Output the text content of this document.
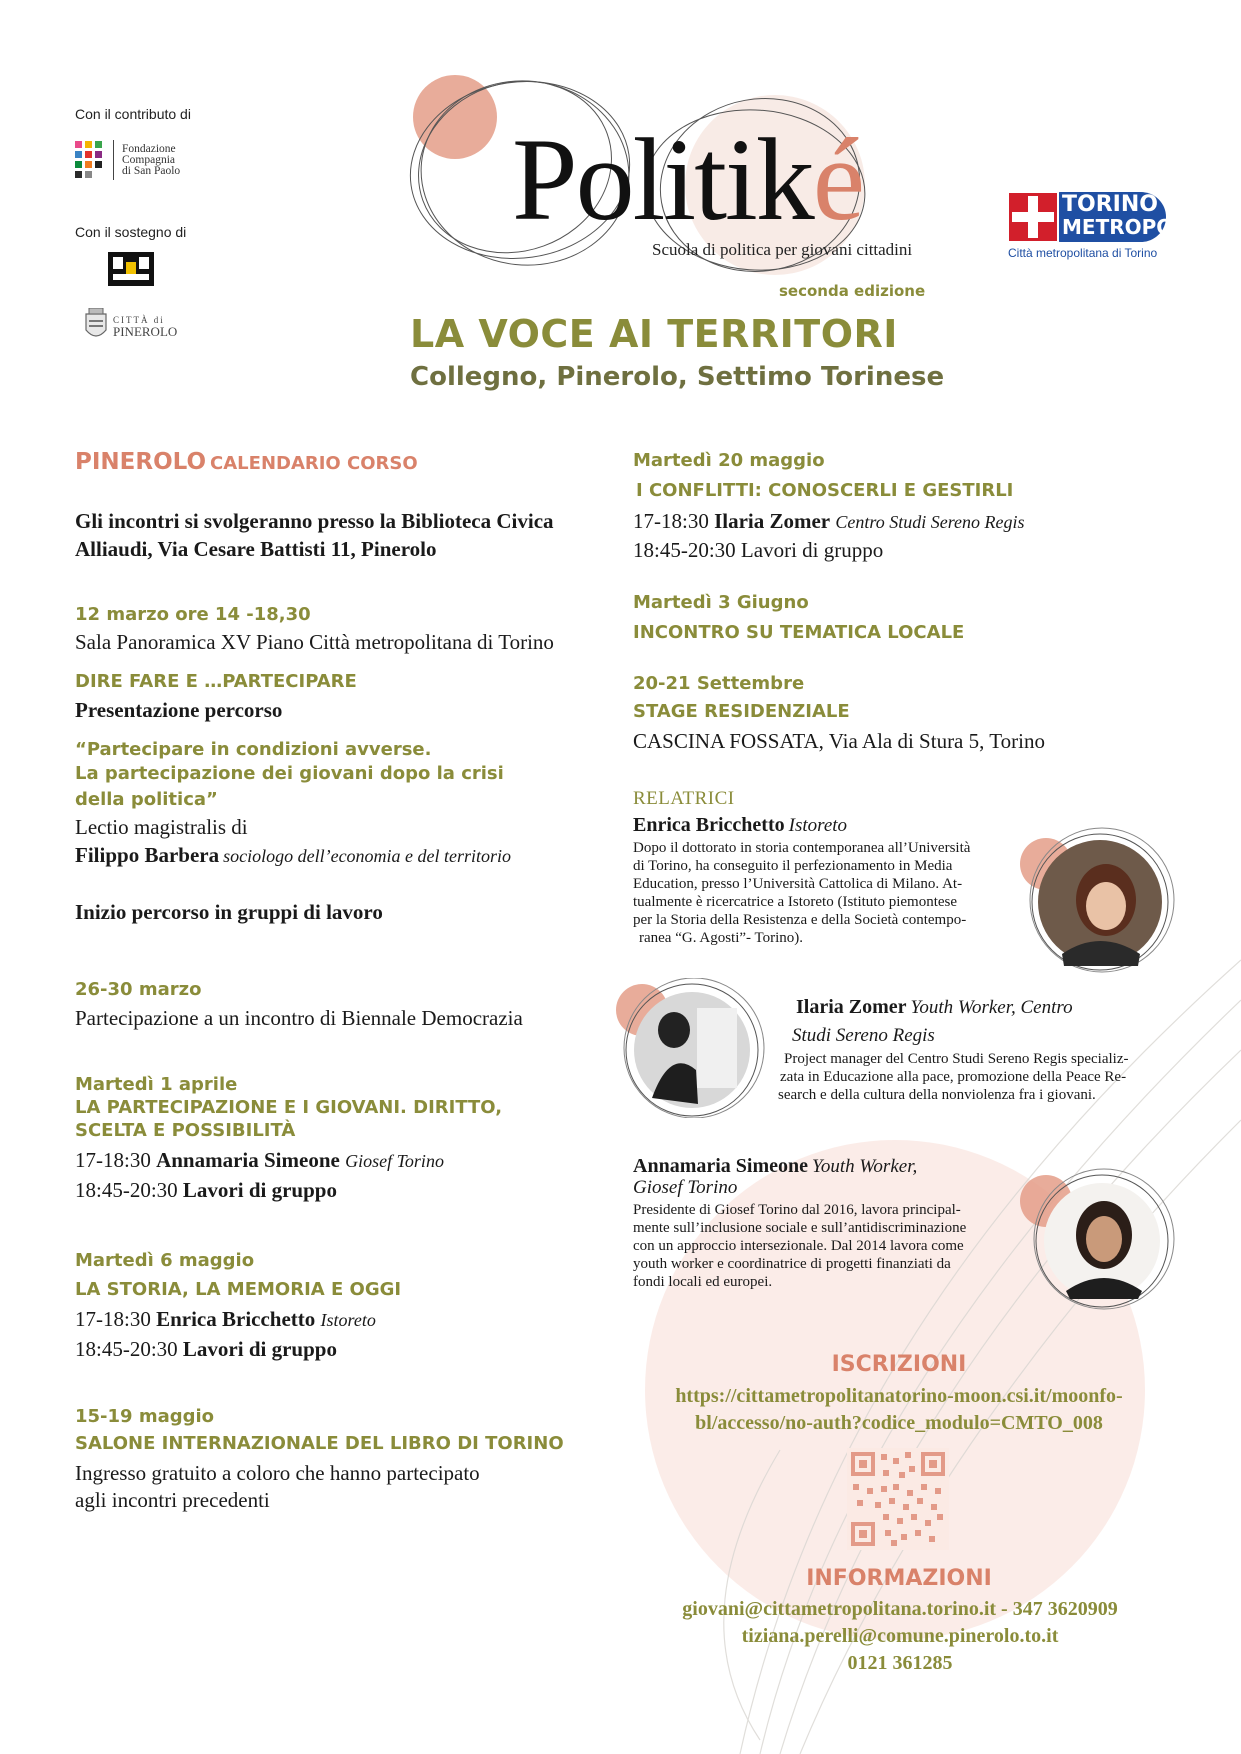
Con il contributo di
Fondazione
Compagnia
di San Paolo
Con il sostegno di
CITTÀ di
PINEROLO
Politiké
Scuola di politica per giovani cittadini
seconda edizione
LA VOCE AI TERRITORI
Collegno, Pinerolo, Settimo Torinese
TORINO
METROPOLI
Città metropolitana di Torino
PINEROLO CALENDARIO CORSO
Gli incontri si svolgeranno presso la Biblioteca Civica
Alliaudi, Via Cesare Battisti 11, Pinerolo
12 marzo ore 14 -18,30
Sala Panoramica XV Piano Città metropolitana di Torino
DIRE FARE E …PARTECIPARE
Presentazione percorso
“Partecipare in condizioni avverse.
La partecipazione dei giovani dopo la crisi
della politica”
Lectio magistralis di
Filippo Barbera sociologo dell’economia e del territorio
Inizio percorso in gruppi di lavoro
26-30 marzo
Partecipazione a un incontro di Biennale Democrazia
Martedì 1 aprile
LA PARTECIPAZIONE E I GIOVANI. DIRITTO,
SCELTA E POSSIBILITÀ
17-18:30 Annamaria Simeone Giosef Torino
18:45-20:30 Lavori di gruppo
Martedì 6 maggio
LA STORIA, LA MEMORIA E OGGI
17-18:30 Enrica Bricchetto Istoreto
18:45-20:30 Lavori di gruppo
15-19 maggio
SALONE INTERNAZIONALE DEL LIBRO DI TORINO
Ingresso gratuito a coloro che hanno partecipato
agli incontri precedenti
Martedì 20 maggio
I CONFLITTI: CONOSCERLI E GESTIRLI
17-18:30 Ilaria Zomer Centro Studi Sereno Regis
18:45-20:30 Lavori di gruppo
Martedì 3 Giugno
INCONTRO SU TEMATICA LOCALE
20-21 Settembre
STAGE RESIDENZIALE
CASCINA FOSSATA, Via Ala di Stura 5, Torino
RELATRICI
Enrica Bricchetto Istoreto
Dopo il dottorato in storia contemporanea all’Università
di Torino, ha conseguito il perfezionamento in Media
Education, presso l’Università Cattolica di Milano. At-
tualmente è ricercatrice a Istoreto (Istituto piemontese
per la Storia della Resistenza e della Società contempo-
ranea “G. Agosti”- Torino).
Ilaria Zomer Youth Worker, Centro
Studi Sereno Regis
Project manager del Centro Studi Sereno Regis specializ-
zata in Educazione alla pace, promozione della Peace Re-
search e della cultura della nonviolenza fra i giovani.
Annamaria Simeone Youth Worker,
Giosef Torino
Presidente di Giosef Torino dal 2016, lavora principal-
mente sull’inclusione sociale e sull’antidiscriminazione
con un approccio intersezionale. Dal 2014 lavora come
youth worker e coordinatrice di progetti finanziati da
fondi locali ed europei.
ISCRIZIONI
https://cittametropolitanatorino-moon.csi.it/moonfo-
bl/accesso/no-auth?codice_modulo=CMTO_008
INFORMAZIONI
giovani@cittametropolitana.torino.it - 347 3620909
tiziana.perelli@comune.pinerolo.to.it
0121 361285
